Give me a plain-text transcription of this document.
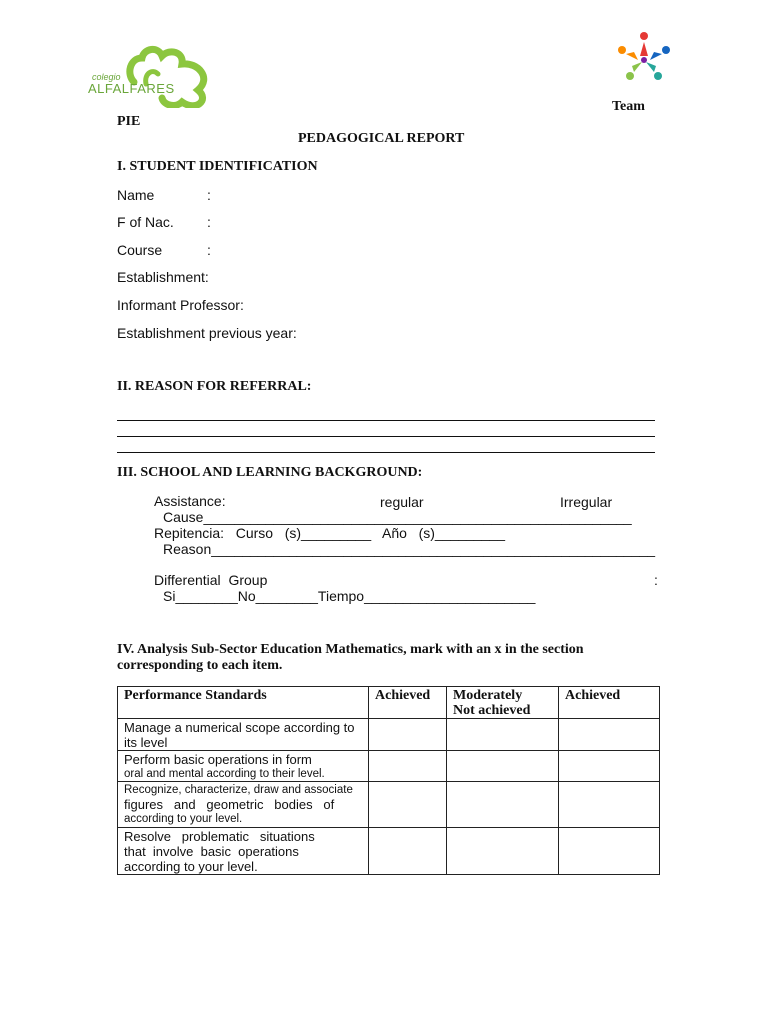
colegio
ALFALFARES
Team
PIE
PEDAGOGICAL REPORT
I. STUDENT IDENTIFICATION
Name	:
F of Nac. :
Course	:
Establishment:
Informant Professor:
Establishment previous year:
II. REASON FOR REFERRAL:
III. SCHOOL AND LEARNING BACKGROUND:
Assistance:	regular	Irregular
Cause_______________________________________________________
Repitencia:   Curso   (s)_________   Año   (s)_________
Reason_________________________________________________________
Differential  Group	:
Si________No________Tiempo______________________
IV. Analysis Sub-Sector Education Mathematics, mark with an x in the section
corresponding to each item.
Performance Standards	Achieved	Moderately   Not achieved	Achieved

Manage a numerical scope according to its level			

Perform basic operations in form
oral and mental according to their level.			

Recognize, characterize, draw and associate
figures   and   geometric   bodies   of
according to your level.			

Resolve   problematic   situations
that  involve  basic  operations
according to your level.			
